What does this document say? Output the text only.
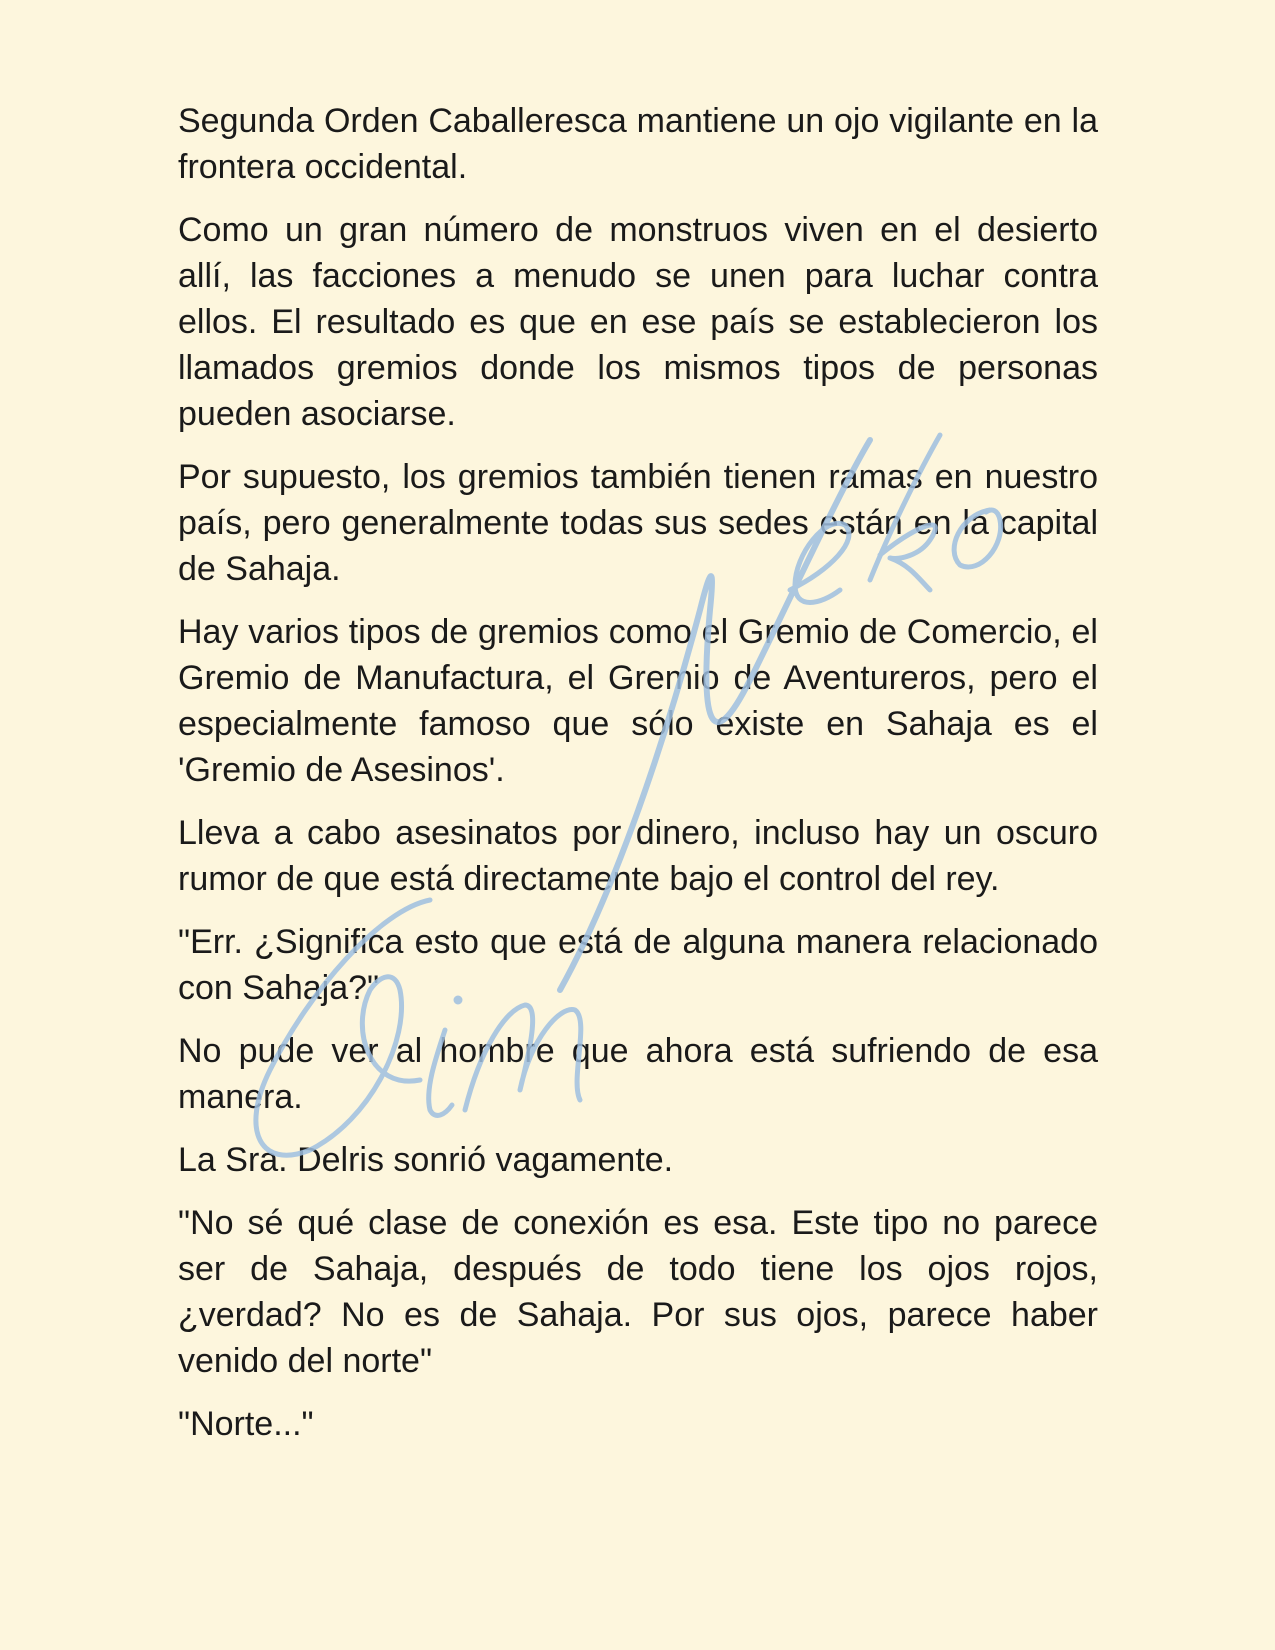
Segunda Orden Caballeresca mantiene un ojo vigilante en la frontera occidental.

Como un gran número de monstruos viven en el desierto allí, las facciones a menudo se unen para luchar contra ellos. El resultado es que en ese país se establecieron los llamados gremios donde los mismos tipos de personas pueden asociarse.

Por supuesto, los gremios también tienen ramas en nuestro país, pero generalmente todas sus sedes están en la capital de Sahaja.

Hay varios tipos de gremios como el Gremio de Comercio, el Gremio de Manufactura, el Gremio de Aventureros, pero el especialmente famoso que sólo existe en Sahaja es el 'Gremio de Asesinos'.

Lleva a cabo asesinatos por dinero, incluso hay un oscuro rumor de que está directamente bajo el control del rey.

"Err. ¿Significa esto que está de alguna manera relacionado con Sahaja?"

No pude ver al hombre que ahora está sufriendo de esa manera.

La Sra. Delris sonrió vagamente.

"No sé qué clase de conexión es esa. Este tipo no parece ser de Sahaja, después de todo tiene los ojos rojos, ¿verdad? No es de Sahaja. Por sus ojos, parece haber venido del norte"

"Norte..."
